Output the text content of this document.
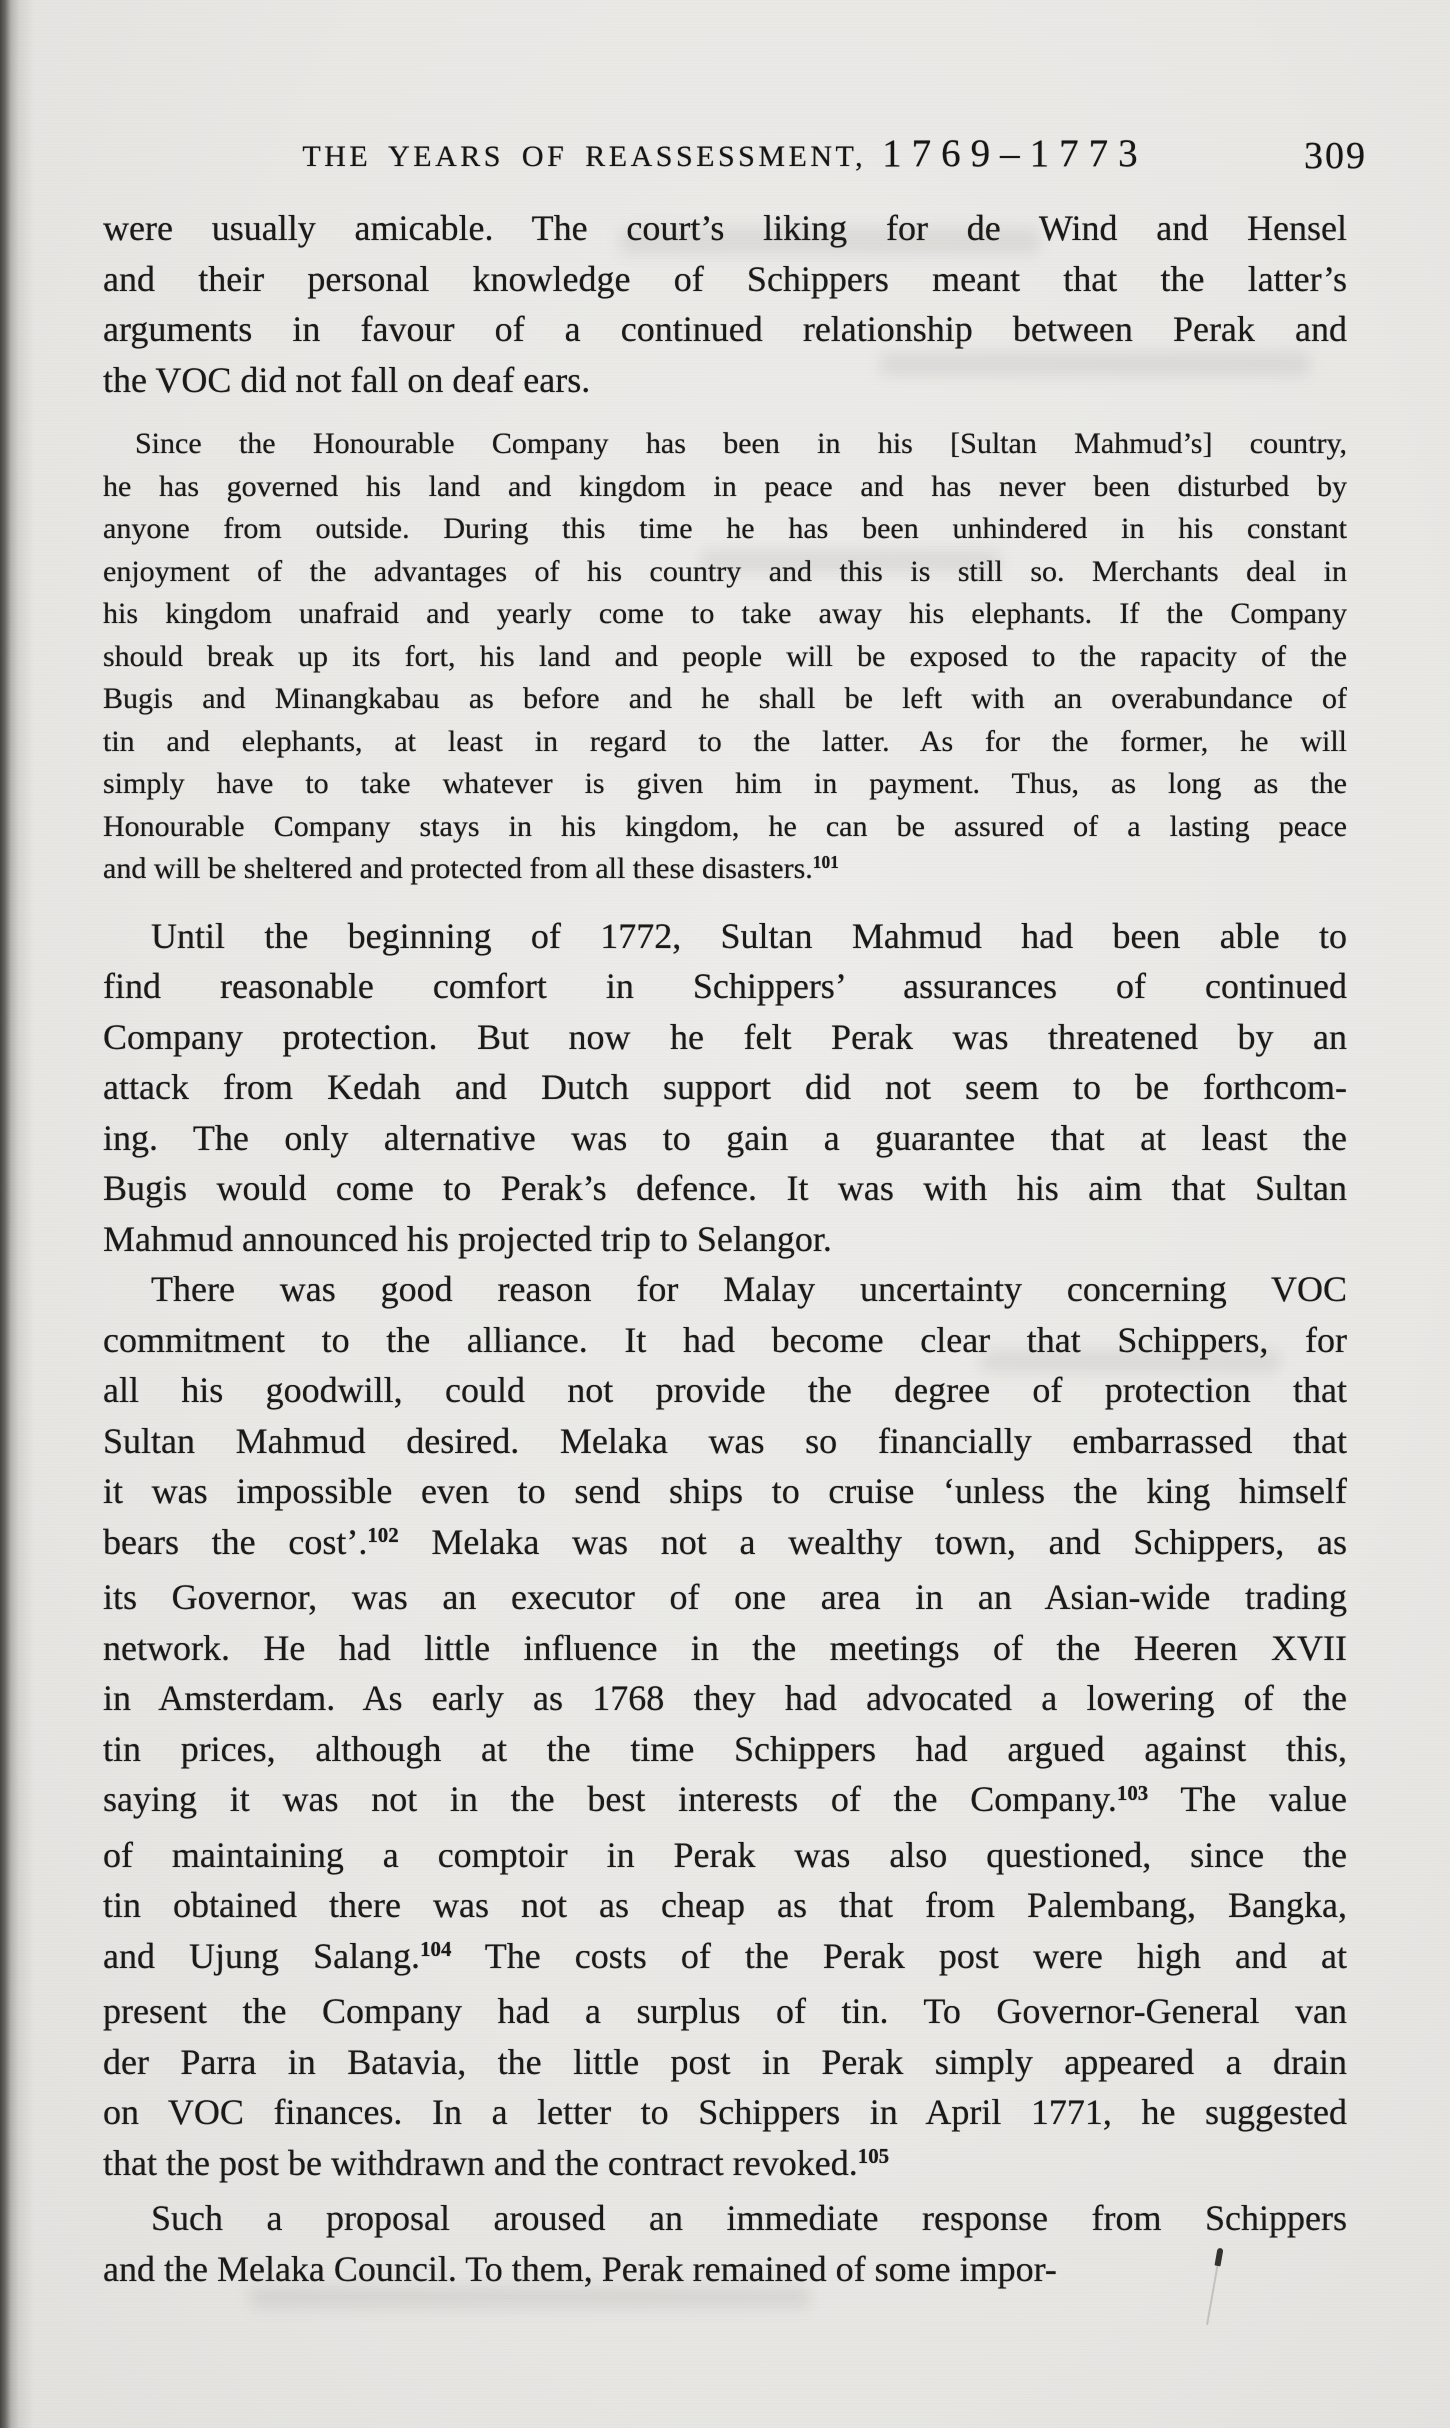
THE YEARS OF REASSESSMENT, 1769–1773	309
were usually amicable. The court’s liking for de Wind and Hensel
and their personal knowledge of Schippers meant that the latter’s
arguments in favour of a continued relationship between Perak and
the VOC did not fall on deaf ears.
Since the Honourable Company has been in his [Sultan Mahmud’s] country,
he has governed his land and kingdom in peace and has never been disturbed by
anyone from outside. During this time he has been unhindered in his constant
enjoyment of the advantages of his country and this is still so. Merchants deal in
his kingdom unafraid and yearly come to take away his elephants. If the Company
should break up its fort, his land and people will be exposed to the rapacity of the
Bugis and Minangkabau as before and he shall be left with an overabundance of
tin and elephants, at least in regard to the latter. As for the former, he will
simply have to take whatever is given him in payment. Thus, as long as the
Honourable Company stays in his kingdom, he can be assured of a lasting peace
and will be sheltered and protected from all these disasters.$^{101}$
Until the beginning of 1772, Sultan Mahmud had been able to
find reasonable comfort in Schippers’ assurances of continued
Company protection. But now he felt Perak was threatened by an
attack from Kedah and Dutch support did not seem to be forthcom-
ing. The only alternative was to gain a guarantee that at least the
Bugis would come to Perak’s defence. It was with his aim that Sultan
Mahmud announced his projected trip to Selangor.
There was good reason for Malay uncertainty concerning VOC
commitment to the alliance. It had become clear that Schippers, for
all his goodwill, could not provide the degree of protection that
Sultan Mahmud desired. Melaka was so financially embarrassed that
it was impossible even to send ships to cruise ‘unless the king himself
bears the cost’.$^{102}$ Melaka was not a wealthy town, and Schippers, as
its Governor, was an executor of one area in an Asian-wide trading
network. He had little influence in the meetings of the Heeren XVII
in Amsterdam. As early as 1768 they had advocated a lowering of the
tin prices, although at the time Schippers had argued against this,
saying it was not in the best interests of the Company.$^{103}$ The value
of maintaining a comptoir in Perak was also questioned, since the
tin obtained there was not as cheap as that from Palembang, Bangka,
and Ujung Salang.$^{104}$ The costs of the Perak post were high and at
present the Company had a surplus of tin. To Governor-General van
der Parra in Batavia, the little post in Perak simply appeared a drain
on VOC finances. In a letter to Schippers in April 1771, he suggested
that the post be withdrawn and the contract revoked.$^{105}$
Such a proposal aroused an immediate response from Schippers
and the Melaka Council. To them, Perak remained of some impor-
